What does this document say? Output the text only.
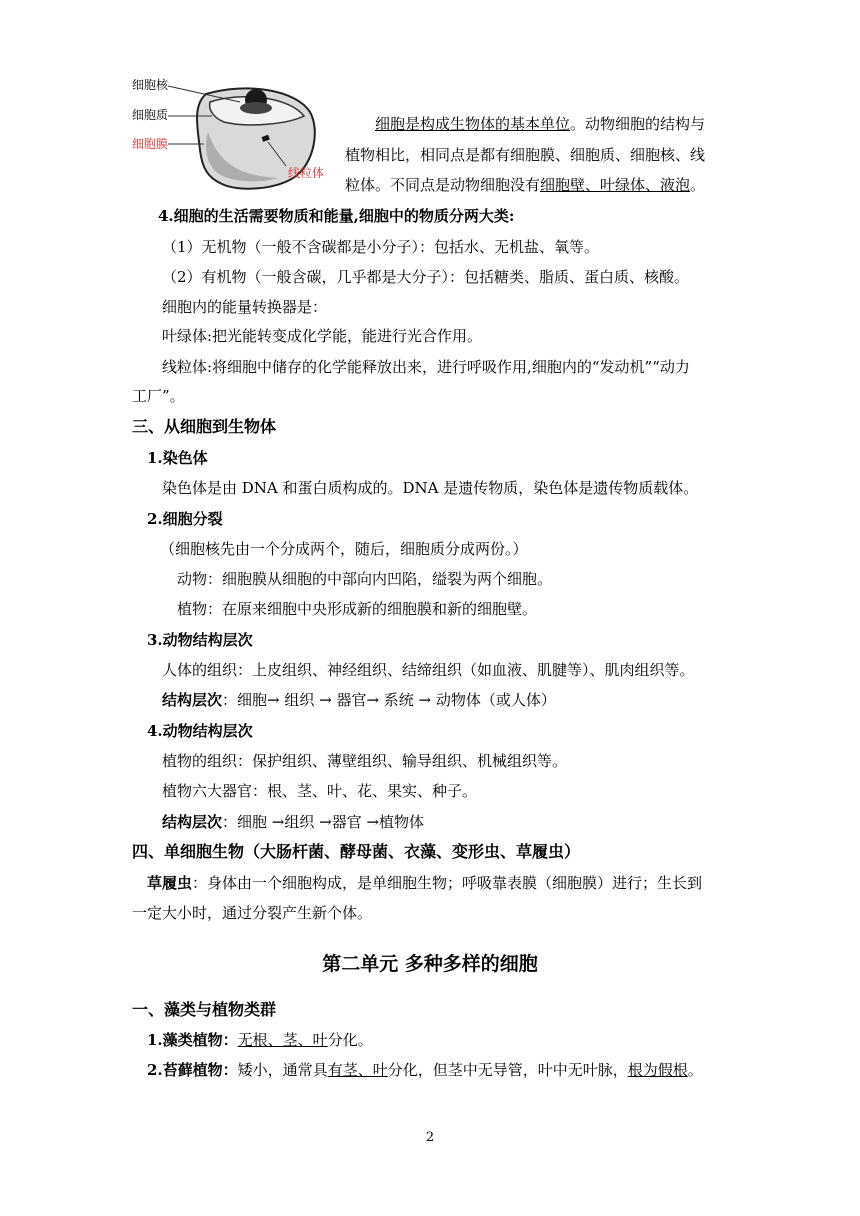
细胞核
细胞质
细胞膜
线粒体
细胞是构成生物体的基本单位。动物细胞的结构与
植物相比，相同点是都有细胞膜、细胞质、细胞核、线
粒体。不同点是动物细胞没有细胞壁、叶绿体、液泡。
4.细胞的生活需要物质和能量,细胞中的物质分两大类:
（1）无机物（一般不含碳都是小分子）：包括水、无机盐、氧等。
（2）有机物（一般含碳，几乎都是大分子）：包括糖类、脂质、蛋白质、核酸。
细胞内的能量转换器是：
叶绿体:把光能转变成化学能，能进行光合作用。
线粒体:将细胞中储存的化学能释放出来，进行呼吸作用,细胞内的“发动机”“动力
工厂”。
三、从细胞到生物体
1.染色体
染色体是由 DNA 和蛋白质构成的。DNA 是遗传物质，染色体是遗传物质载体。
2.细胞分裂
（细胞核先由一个分成两个，随后，细胞质分成两份。）
动物：细胞膜从细胞的中部向内凹陷，缢裂为两个细胞。
植物：在原来细胞中央形成新的细胞膜和新的细胞壁。
3.动物结构层次
人体的组织：上皮组织、神经组织、结缔组织（如血液、肌腱等）、肌肉组织等。
结构层次：细胞→ 组织 → 器官→ 系统 → 动物体（或人体）
4.动物结构层次
植物的组织：保护组织、薄壁组织、输导组织、机械组织等。
植物六大器官：根、茎、叶、花、果实、种子。
结构层次：细胞 →组织 →器官 →植物体
四、单细胞生物（大肠杆菌、酵母菌、衣藻、变形虫、草履虫）
草履虫：身体由一个细胞构成，是单细胞生物；呼吸靠表膜（细胞膜）进行；生长到
一定大小时，通过分裂产生新个体。
第二单元 多种多样的细胞
一、藻类与植物类群
1.藻类植物：无根、茎、叶分化。
2.苔藓植物：矮小，通常具有茎、叶分化，但茎中无导管，叶中无叶脉，根为假根。
2
